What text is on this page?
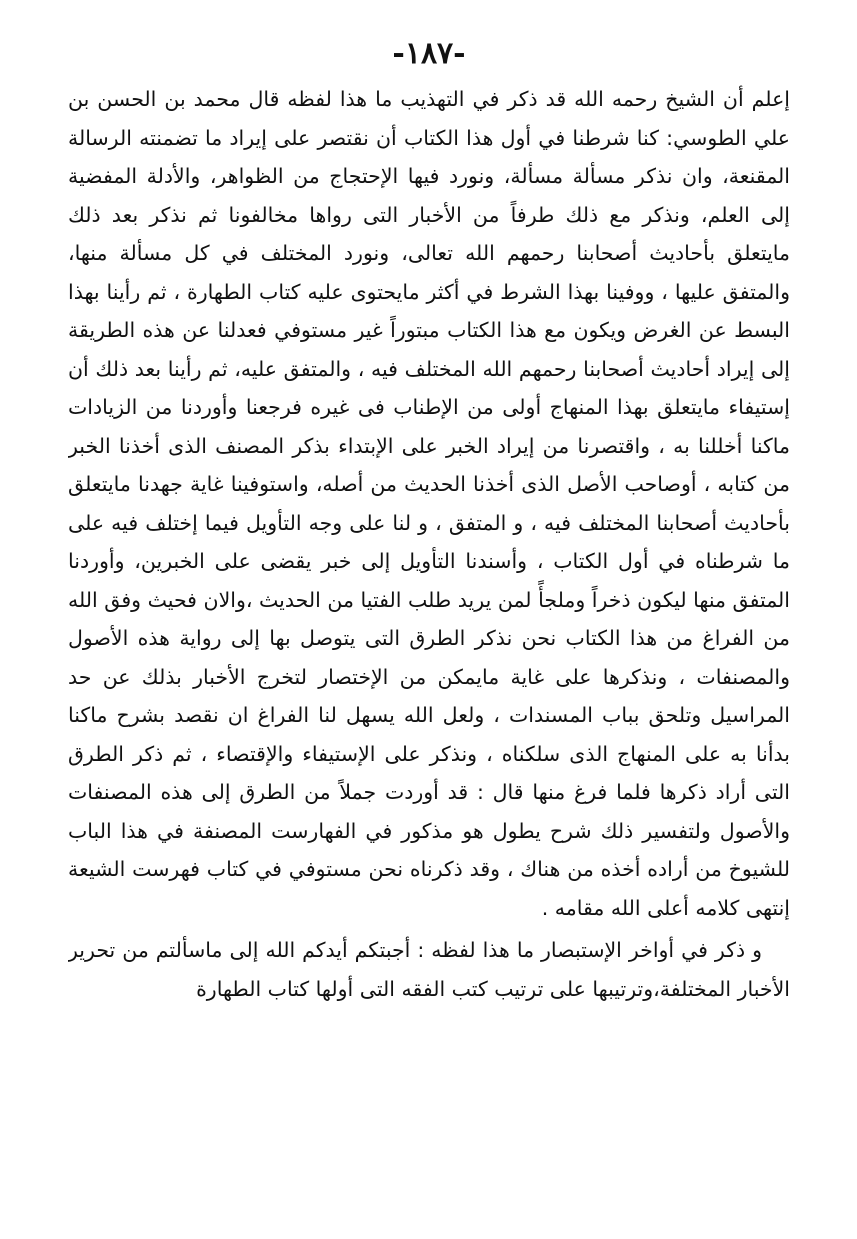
-١٨٧-

إعلم أن الشيخ رحمه الله قد ذكر في التهذيب ما هذا لفظه قال محمد بن الحسن بن علي الطوسي: كنا شرطنا في أول هذا الكتاب أن نقتصر على إيراد ما تضمنته الرسالة المقنعة، وان نذكر مسألة مسألة، ونورد فيها الإحتجاج من الظواهر، والأدلة المفضية إلى العلم، ونذكر مع ذلك طرفاً من الأخبار التى رواها مخالفونا ثم نذكر بعد ذلك مايتعلق بأحاديث أصحابنا رحمهم الله تعالى، ونورد المختلف في كل مسألة منها، والمتفق عليها ، ووفينا بهذا الشرط في أكثر مايحتوى عليه كتاب الطهارة ، ثم رأينا بهذا البسط عن الغرض ويكون مع هذا الكتاب مبتوراً غير مستوفي فعدلنا عن هذه الطريقة إلى إيراد أحاديث أصحابنا رحمهم الله المختلف فيه ، والمتفق عليه، ثم رأينا بعد ذلك أن إستيفاء مايتعلق بهذا المنهاج أولى من الإطناب فى غيره فرجعنا وأوردنا من الزيادات ماكنا أخللنا به ، واقتصرنا من إيراد الخبر على الإبتداء بذكر المصنف الذى أخذنا الخبر من كتابه ، أوصاحب الأصل الذى أخذنا الحديث من أصله، واستوفينا غاية جهدنا مايتعلق بأحاديث أصحابنا المختلف فيه ، و المتفق ، و لنا على وجه التأويل فيما إختلف فيه على ما شرطناه في أول الكتاب ، وأسندنا التأويل إلى خبر يقضى على الخبرين، وأوردنا المتفق منها ليكون ذخراً وملجأً لمن يريد طلب الفتيا من الحديث ،والان فحيث وفق الله من الفراغ من هذا الكتاب نحن نذكر الطرق التى يتوصل بها إلى رواية هذه الأصول والمصنفات ، ونذكرها على غاية مايمكن من الإختصار لتخرج الأخبار بذلك عن حد المراسيل وتلحق بباب المسندات ، ولعل الله يسهل لنا الفراغ ان نقصد بشرح ماكنا بدأنا به على المنهاج الذى سلكناه ، ونذكر على الإستيفاء والإقتصاء ، ثم ذكر الطرق التى أراد ذكرها فلما فرغ منها قال : قد أوردت جملاً من الطرق إلى هذه المصنفات والأصول ولتفسير ذلك شرح يطول هو مذكور في الفهارست المصنفة في هذا الباب للشيوخ من أراده أخذه من هناك ، وقد ذكرناه نحن مستوفي في كتاب فهرست الشيعة إنتهى كلامه أعلى الله مقامه .

و ذكر في أواخر الإستبصار ما هذا لفظه : أجبتكم أيدكم الله إلى ماسألتم من تحرير الأخبار المختلفة،وترتيبها على ترتيب كتب الفقه التى أولها كتاب الطهارة
